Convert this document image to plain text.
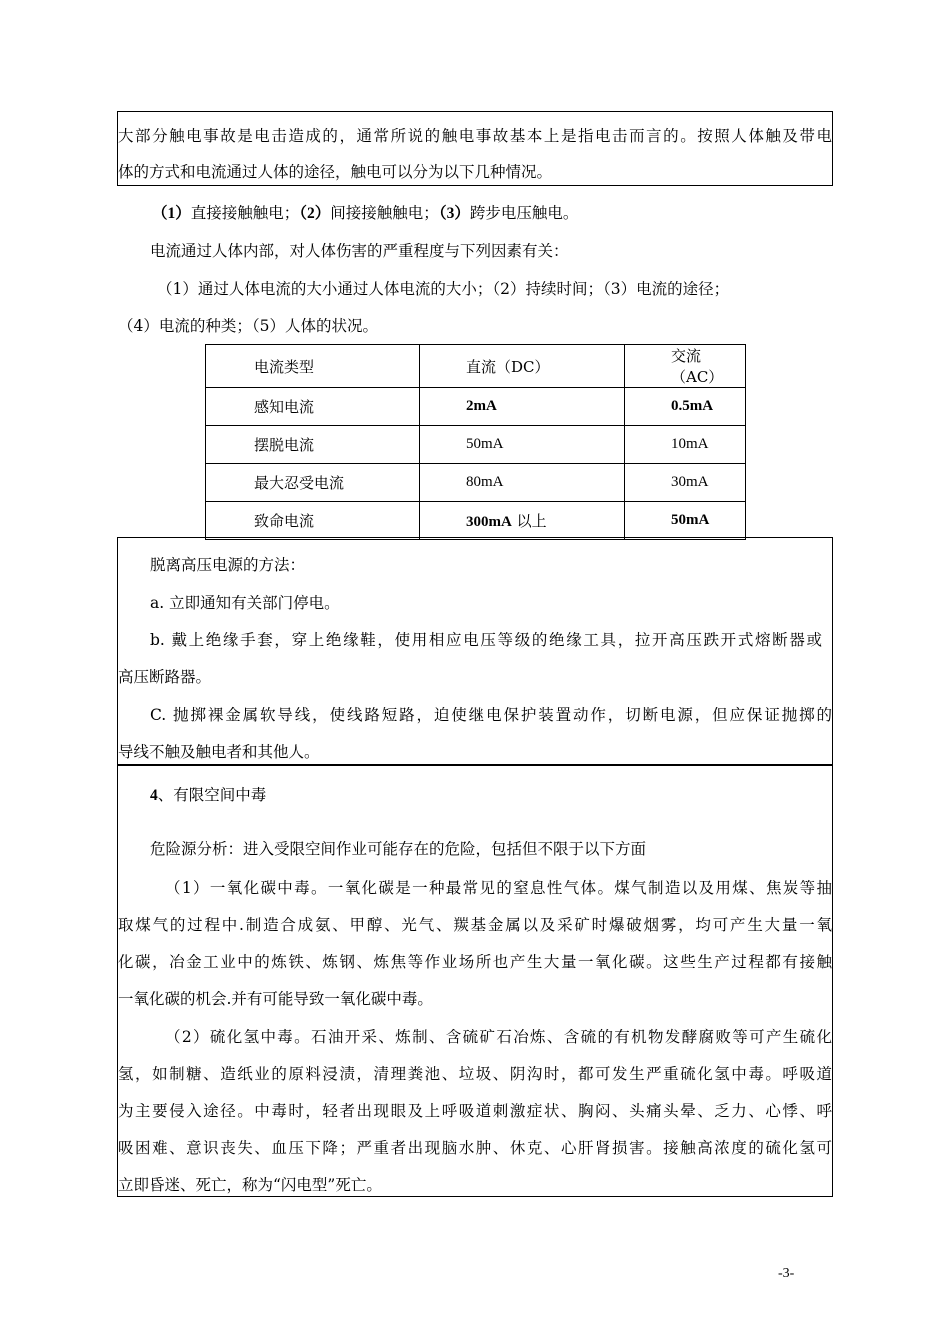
大部分触电事故是电击造成的，通常所说的触电事故基本上是指电击而言的。按照人体触及带电
体的方式和电流通过人体的途径，触电可以分为以下几种情况。
（1）直接接触触电；（2）间接接触触电；（3）跨步电压触电。
电流通过人体内部，对人体伤害的严重程度与下列因素有关：
（1）通过人体电流的大小通过人体电流的大小；（2）持续时间；（3）电流的途径；
（4）电流的种类；（5）人体的状况。
电流类型	直流（DC）	交流（AC）
感知电流	2mA	0.5mA
摆脱电流	50mA	10mA
最大忍受电流	80mA	30mA
致命电流	300mA 以上	50mA
脱离高压电源的方法：
a. 立即通知有关部门停电。
b. 戴上绝缘手套，穿上绝缘鞋，使用相应电压等级的绝缘工具，拉开高压跌开式熔断器或
高压断路器。
C. 抛掷裸金属软导线，使线路短路，迫使继电保护装置动作，切断电源，但应保证抛掷的
导线不触及触电者和其他人。
4、有限空间中毒
危险源分析：进入受限空间作业可能存在的危险，包括但不限于以下方面
（1）一氧化碳中毒。一氧化碳是一种最常见的窒息性气体。煤气制造以及用煤、焦炭等抽
取煤气的过程中.制造合成氨、甲醇、光气、羰基金属以及采矿时爆破烟雾，均可产生大量一氧
化碳，冶金工业中的炼铁、炼钢、炼焦等作业场所也产生大量一氧化碳。这些生产过程都有接触
一氧化碳的机会.并有可能导致一氧化碳中毒。
（2）硫化氢中毒。石油开采、炼制、含硫矿石冶炼、含硫的有机物发酵腐败等可产生硫化
氢，如制糖、造纸业的原料浸渍，清理粪池、垃圾、阴沟时，都可发生严重硫化氢中毒。呼吸道
为主要侵入途径。中毒时，轻者出现眼及上呼吸道刺激症状、胸闷、头痛头晕、乏力、心悸、呼
吸困难、意识丧失、血压下降；严重者出现脑水肿、休克、心肝肾损害。接触高浓度的硫化氢可
立即昏迷、死亡，称为“闪电型”死亡。
-3-
